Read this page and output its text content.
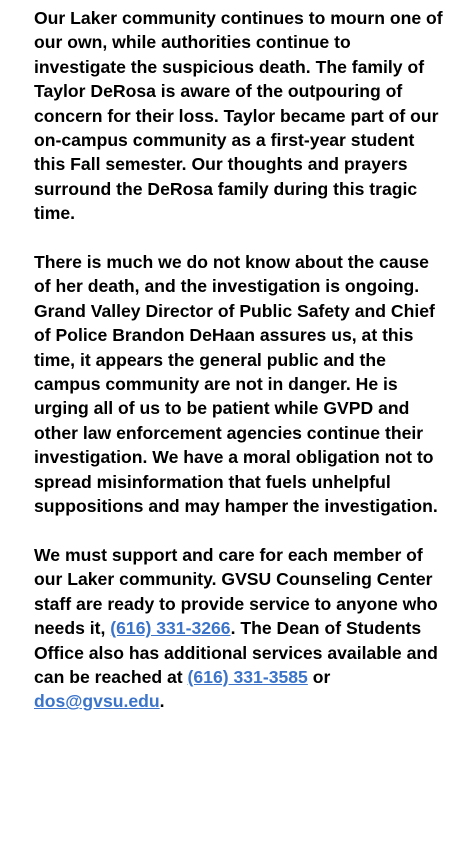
Our Laker community continues to mourn one of our own, while authorities continue to investigate the suspicious death. The family of Taylor DeRosa is aware of the outpouring of concern for their loss. Taylor became part of our on-campus community as a first-year student this Fall semester. Our thoughts and prayers surround the DeRosa family during this tragic time.

There is much we do not know about the cause of her death, and the investigation is ongoing. Grand Valley Director of Public Safety and Chief of Police Brandon DeHaan assures us, at this time, it appears the general public and the campus community are not in danger. He is urging all of us to be patient while GVPD and other law enforcement agencies continue their investigation. We have a moral obligation not to spread misinformation that fuels unhelpful suppositions and may hamper the investigation.

We must support and care for each member of our Laker community. GVSU Counseling Center staff are ready to provide service to anyone who needs it, (616) 331-3266. The Dean of Students Office also has additional services available and can be reached at (616) 331-3585 or dos@gvsu.edu.
